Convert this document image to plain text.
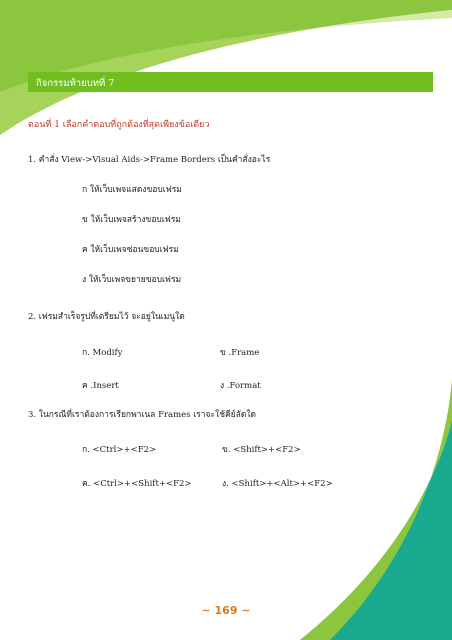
กิจกรรมท้ายบทที่ 7
ตอนที่ 1 เลือกคำตอบที่ถูกต้องที่สุดเพียงข้อเดียว
1. คำสั่ง View->Visual Aids->Frame Borders เป็นคำสั่งอะไร
ก ให้เว็บเพจแสดงขอบเฟรม
ข ให้เว็บเพจสร้างขอบเฟรม
ค ให้เว็บเพจซ่อนขอบเฟรม
ง ให้เว็บเพจขยายขอบเฟรม
2. เฟรมสำเร็จรูปที่เตรียมไว้ จะอยู่ในเมนูใด
ก. Modify	ข .Frame
ค .Insert	ง .Format
3. ในกรณีที่เราต้องการเรียกพาเนล Frames เราจะใช้คีย์ลัดใด
ก. <Ctrl>+<F2>	ข. <Shift>+<F2>
ค. <Ctrl>+<Shift+<F2>	ง. <Shift>+<Alt>+<F2>
~ 169 ~
